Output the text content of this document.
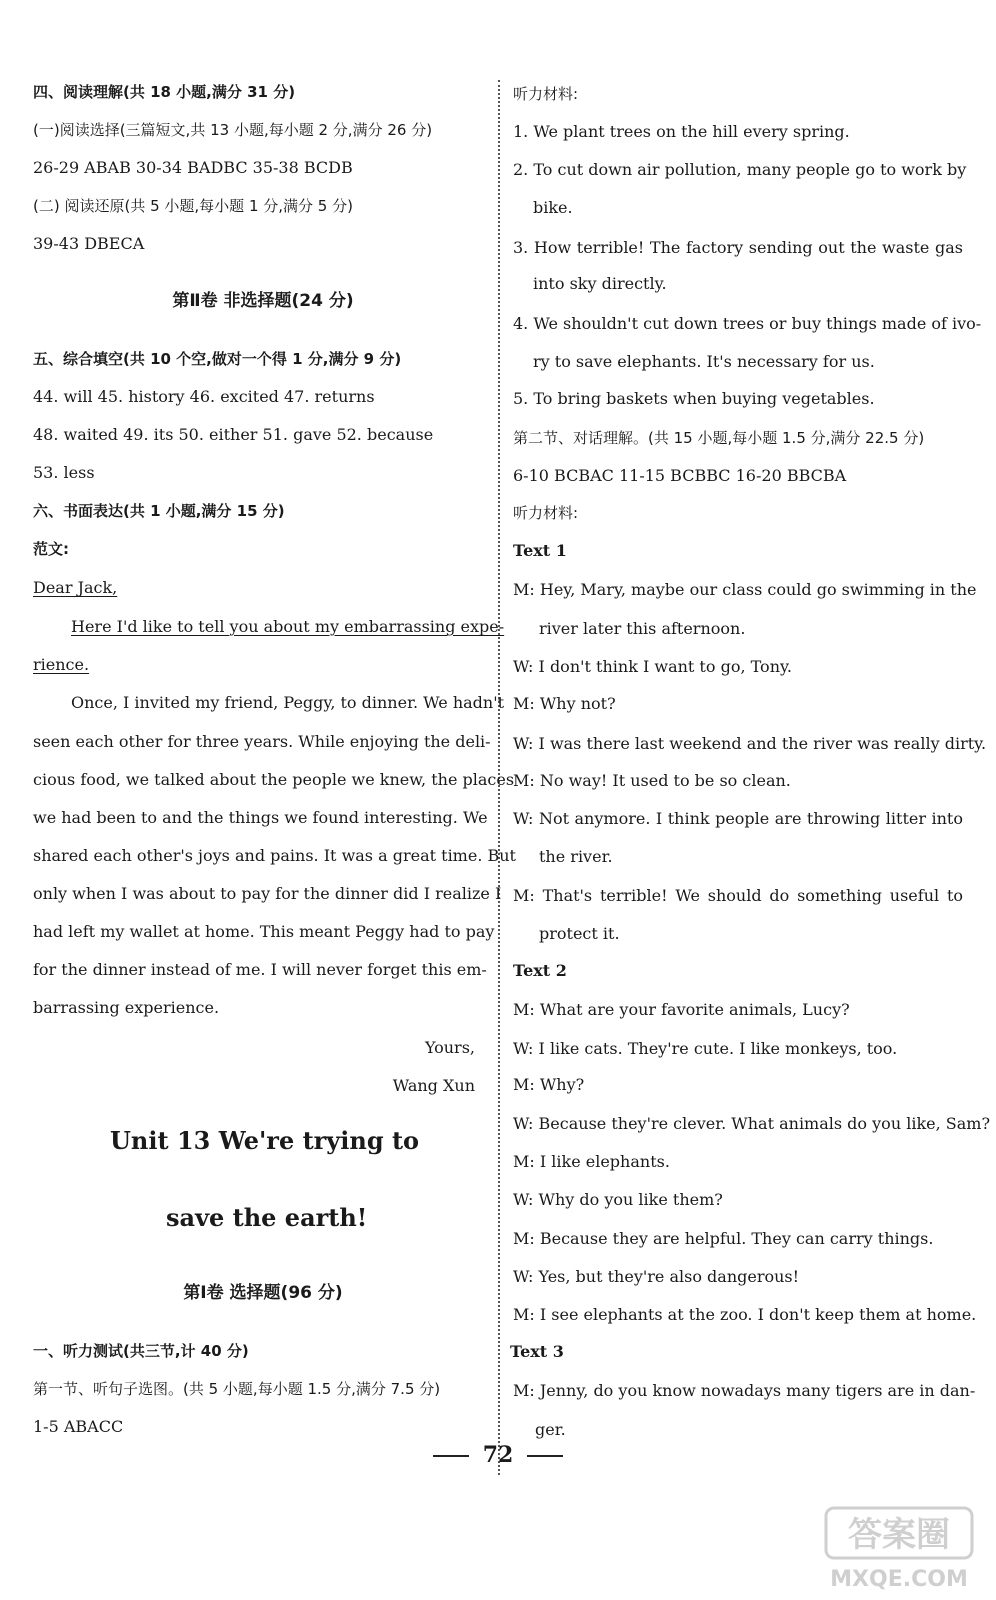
四、阅读理解(共 18 小题,满分 31 分)
(一)阅读选择(三篇短文,共 13 小题,每小题 2 分,满分 26 分)
26-29 ABAB 30-34 BADBC 35-38 BCDB
(二) 阅读还原(共 5 小题,每小题 1 分,满分 5 分)
39-43 DBECA
第Ⅱ卷 非选择题(24 分)
五、综合填空(共 10 个空,做对一个得 1 分,满分 9 分)
44. will 45. history 46. excited 47. returns
48. waited 49. its 50. either 51. gave 52. because
53. less
六、书面表达(共 1 小题,满分 15 分)
范文:
Dear Jack,
Here I'd like to tell you about my embarrassing expe-
rience.
Once, I invited my friend, Peggy, to dinner. We hadn't
seen each other for three years. While enjoying the deli-
cious food, we talked about the people we knew, the places
we had been to and the things we found interesting. We
shared each other's joys and pains. It was a great time. But
only when I was about to pay for the dinner did I realize I
had left my wallet at home. This meant Peggy had to pay
for the dinner instead of me. I will never forget this em-
barrassing experience.
Yours,
Wang Xun
Unit 13 We're trying to
save the earth!
第Ⅰ卷 选择题(96 分)
一、听力测试(共三节,计 40 分)
第一节、听句子选图。(共 5 小题,每小题 1.5 分,满分 7.5 分)
1-5 ABACC
听力材料:
1. We plant trees on the hill every spring.
2. To cut down air pollution, many people go to work by
bike.
3. How terrible! The factory sending out the waste gas
into sky directly.
4. We shouldn't cut down trees or buy things made of ivo-
ry to save elephants. It's necessary for us.
5. To bring baskets when buying vegetables.
第二节、对话理解。(共 15 小题,每小题 1.5 分,满分 22.5 分)
6-10 BCBAC 11-15 BCBBC 16-20 BBCBA
听力材料:
Text 1
M: Hey, Mary, maybe our class could go swimming in the
river later this afternoon.
W: I don't think I want to go, Tony.
M: Why not?
W: I was there last weekend and the river was really dirty.
M: No way! It used to be so clean.
W: Not anymore. I think people are throwing litter into
the river.
M: That's terrible! We should do something useful to
protect it.
Text 2
M: What are your favorite animals, Lucy?
W: I like cats. They're cute. I like monkeys, too.
M: Why?
W: Because they're clever. What animals do you like, Sam?
M: I like elephants.
W: Why do you like them?
M: Because they are helpful. They can carry things.
W: Yes, but they're also dangerous!
M: I see elephants at the zoo. I don't keep them at home.
Text 3
M: Jenny, do you know nowadays many tigers are in dan-
ger.
72
答案圈
MXQE.COM
